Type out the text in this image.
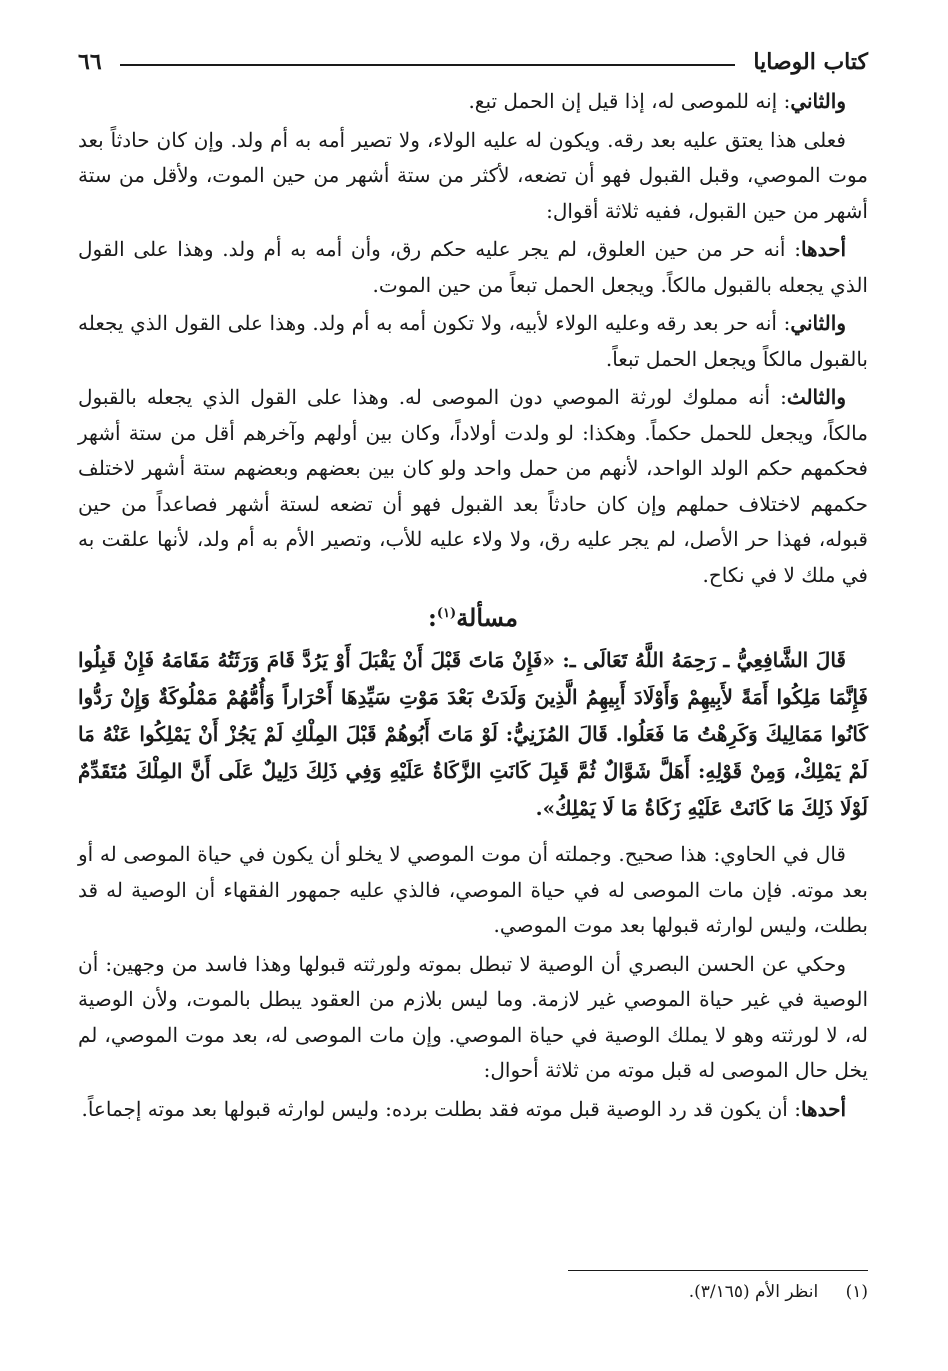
كتاب الوصايا
٦٦

والثاني: إنه للموصى له، إذا قيل إن الحمل تبع.

فعلى هذا يعتق عليه بعد رقه. ويكون له عليه الولاء، ولا تصير أمه به أم ولد. وإن كان حادثاً بعد موت الموصي، وقبل القبول فهو أن تضعه، لأكثر من ستة أشهر من حين الموت، ولأقل من ستة أشهر من حين القبول، ففيه ثلاثة أقوال:

أحدها: أنه حر من حين العلوق، لم يجر عليه حكم رق، وأن أمه به أم ولد. وهذا على القول الذي يجعله بالقبول مالكاً. ويجعل الحمل تبعاً من حين الموت.

والثاني: أنه حر بعد رقه وعليه الولاء لأبيه، ولا تكون أمه به أم ولد. وهذا على القول الذي يجعله بالقبول مالكاً ويجعل الحمل تبعاً.

والثالث: أنه مملوك لورثة الموصي دون الموصى له. وهذا على القول الذي يجعله بالقبول مالكاً، ويجعل للحمل حكماً. وهكذا: لو ولدت أولاداً، وكان بين أولهم وآخرهم أقل من ستة أشهر فحكمهم حكم الولد الواحد، لأنهم من حمل واحد ولو كان بين بعضهم وبعضهم ستة أشهر لاختلف حكمهم لاختلاف حملهم وإن كان حادثاً بعد القبول فهو أن تضعه لستة أشهر فصاعداً من حين قبوله، فهذا حر الأصل، لم يجر عليه رق، ولا ولاء عليه للأب، وتصير الأم به أم ولد، لأنها علقت به في ملك لا في نكاح.

مسألة$^{(١)}$:

قَالَ الشَّافِعِيُّ ـ رَحِمَهُ اللَّهُ تَعَالَى ـ: «فَإِنْ مَاتَ قَبْلَ أَنْ يَقْبَلَ أَوْ يَرُدَّ قَامَ وَرَثَتُهُ مَقَامَهُ فَإِنْ قَبِلُوا فَإِنَّمَا مَلِكُوا أَمَةً لأَبِيهِمْ وَأَوْلَادَ أَبِيهِمُ الَّذِينَ وَلَدَتْ بَعْدَ مَوْتِ سَيِّدِهَا أَحْرَاراً وَأُمُّهُمْ مَمْلُوكَةٌ وَإِنْ رَدُّوا كَانُوا مَمَالِيكَ وَكَرِهْتُ مَا فَعَلُوا. قَالَ المُزَنِيُّ: لَوْ مَاتَ أَبُوهُمْ قَبْلَ المِلْكِ لَمْ يَجُزْ أَنْ يَمْلِكُوا عَنْهُ مَا لَمْ يَمْلِكْ، وَمِنْ قَوْلِهِ: أَهَلَّ شَوَّالٌ ثُمَّ قَبِلَ كَانَتِ الزَّكَاةُ عَلَيْهِ وَفِي ذَلِكَ دَلِيلٌ عَلَى أَنَّ المِلْكَ مُتَقَدِّمٌ لَوْلَا ذَلِكَ مَا كَانَتْ عَلَيْهِ زَكَاةُ مَا لَا يَمْلِكُ».

قال في الحاوي: هذا صحيح. وجملته أن موت الموصي لا يخلو أن يكون في حياة الموصى له أو بعد موته. فإن مات الموصى له في حياة الموصي، فالذي عليه جمهور الفقهاء أن الوصية له قد بطلت، وليس لوارثه قبولها بعد موت الموصي.

وحكي عن الحسن البصري أن الوصية لا تبطل بموته ولورثته قبولها وهذا فاسد من وجهين: أن الوصية في غير حياة الموصي غير لازمة. وما ليس بلازم من العقود يبطل بالموت، ولأن الوصية له، لا لورثته وهو لا يملك الوصية في حياة الموصي. وإن مات الموصى له، بعد موت الموصي، لم يخل حال الموصى له قبل موته من ثلاثة أحوال:

أحدها: أن يكون قد رد الوصية قبل موته فقد بطلت برده: وليس لوارثه قبولها بعد موته إجماعاً.

(١) انظر الأم (٣/١٦٥).
